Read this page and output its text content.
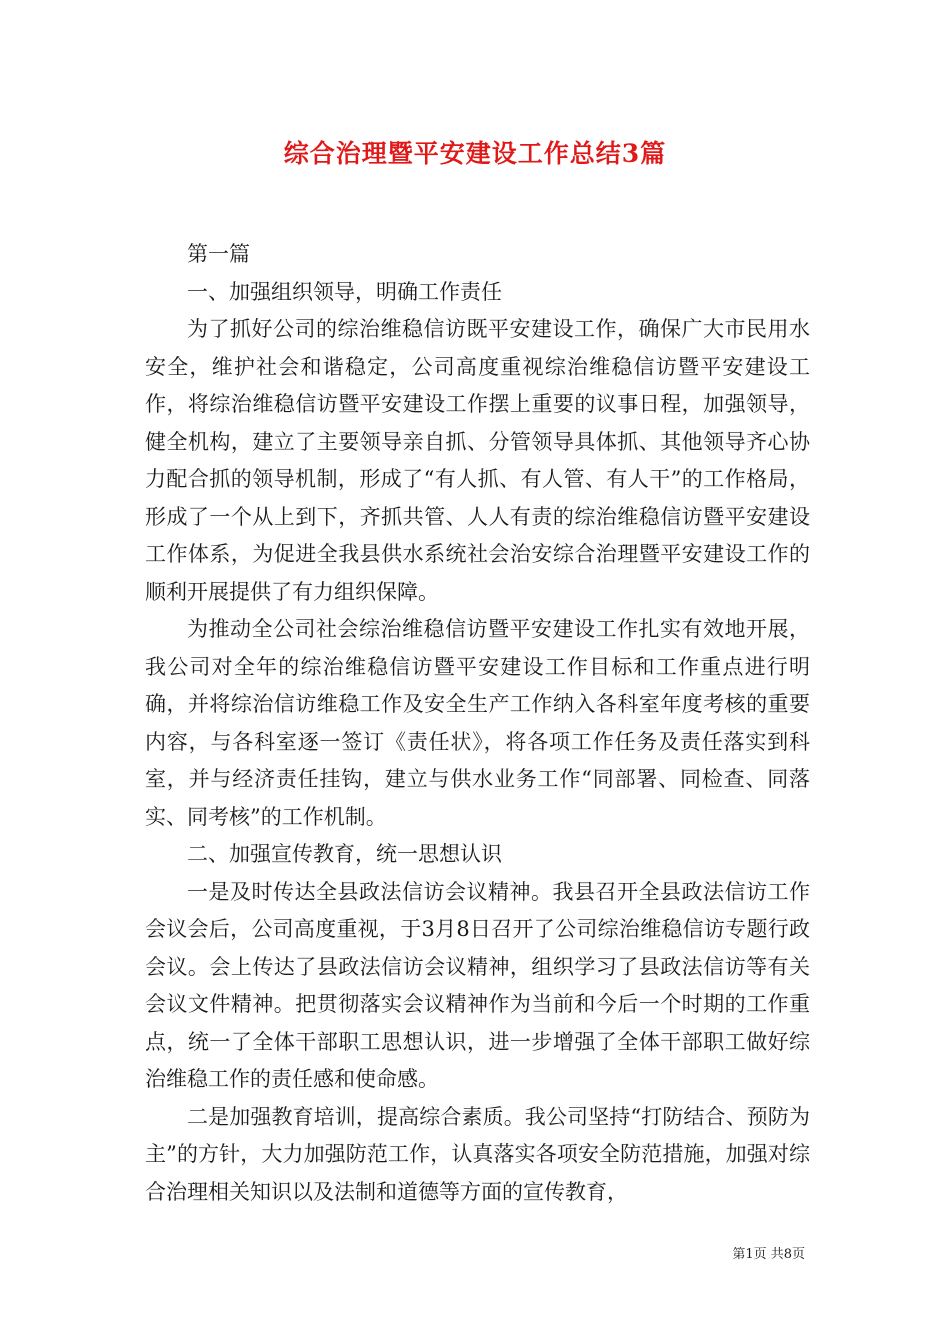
综合治理暨平安建设工作总结3篇

第一篇

一、加强组织领导，明确工作责任

为了抓好公司的综治维稳信访既平安建设工作，确保广大市民用水安全，维护社会和谐稳定，公司高度重视综治维稳信访暨平安建设工作，将综治维稳信访暨平安建设工作摆上重要的议事日程，加强领导，健全机构，建立了主要领导亲自抓、分管领导具体抓、其他领导齐心协力配合抓的领导机制，形成了“有人抓、有人管、有人干”的工作格局，形成了一个从上到下，齐抓共管、人人有责的综治维稳信访暨平安建设工作体系，为促进全我县供水系统社会治安综合治理暨平安建设工作的顺利开展提供了有力组织保障。

为推动全公司社会综治维稳信访暨平安建设工作扎实有效地开展，我公司对全年的综治维稳信访暨平安建设工作目标和工作重点进行明确，并将综治信访维稳工作及安全生产工作纳入各科室年度考核的重要内容，与各科室逐一签订《责任状》，将各项工作任务及责任落实到科室，并与经济责任挂钩，建立与供水业务工作“同部署、同检查、同落实、同考核”的工作机制。

二、加强宣传教育，统一思想认识

一是及时传达全县政法信访会议精神。我县召开全县政法信访工作会议会后，公司高度重视，于3月8日召开了公司综治维稳信访专题行政会议。会上传达了县政法信访会议精神，组织学习了县政法信访等有关会议文件精神。把贯彻落实会议精神作为当前和今后一个时期的工作重点，统一了全体干部职工思想认识，进一步增强了全体干部职工做好综治维稳工作的责任感和使命感。

二是加强教育培训，提高综合素质。我公司坚持“打防结合、预防为主”的方针，大力加强防范工作，认真落实各项安全防范措施，加强对综合治理相关知识以及法制和道德等方面的宣传教育，

第1页 共8页
